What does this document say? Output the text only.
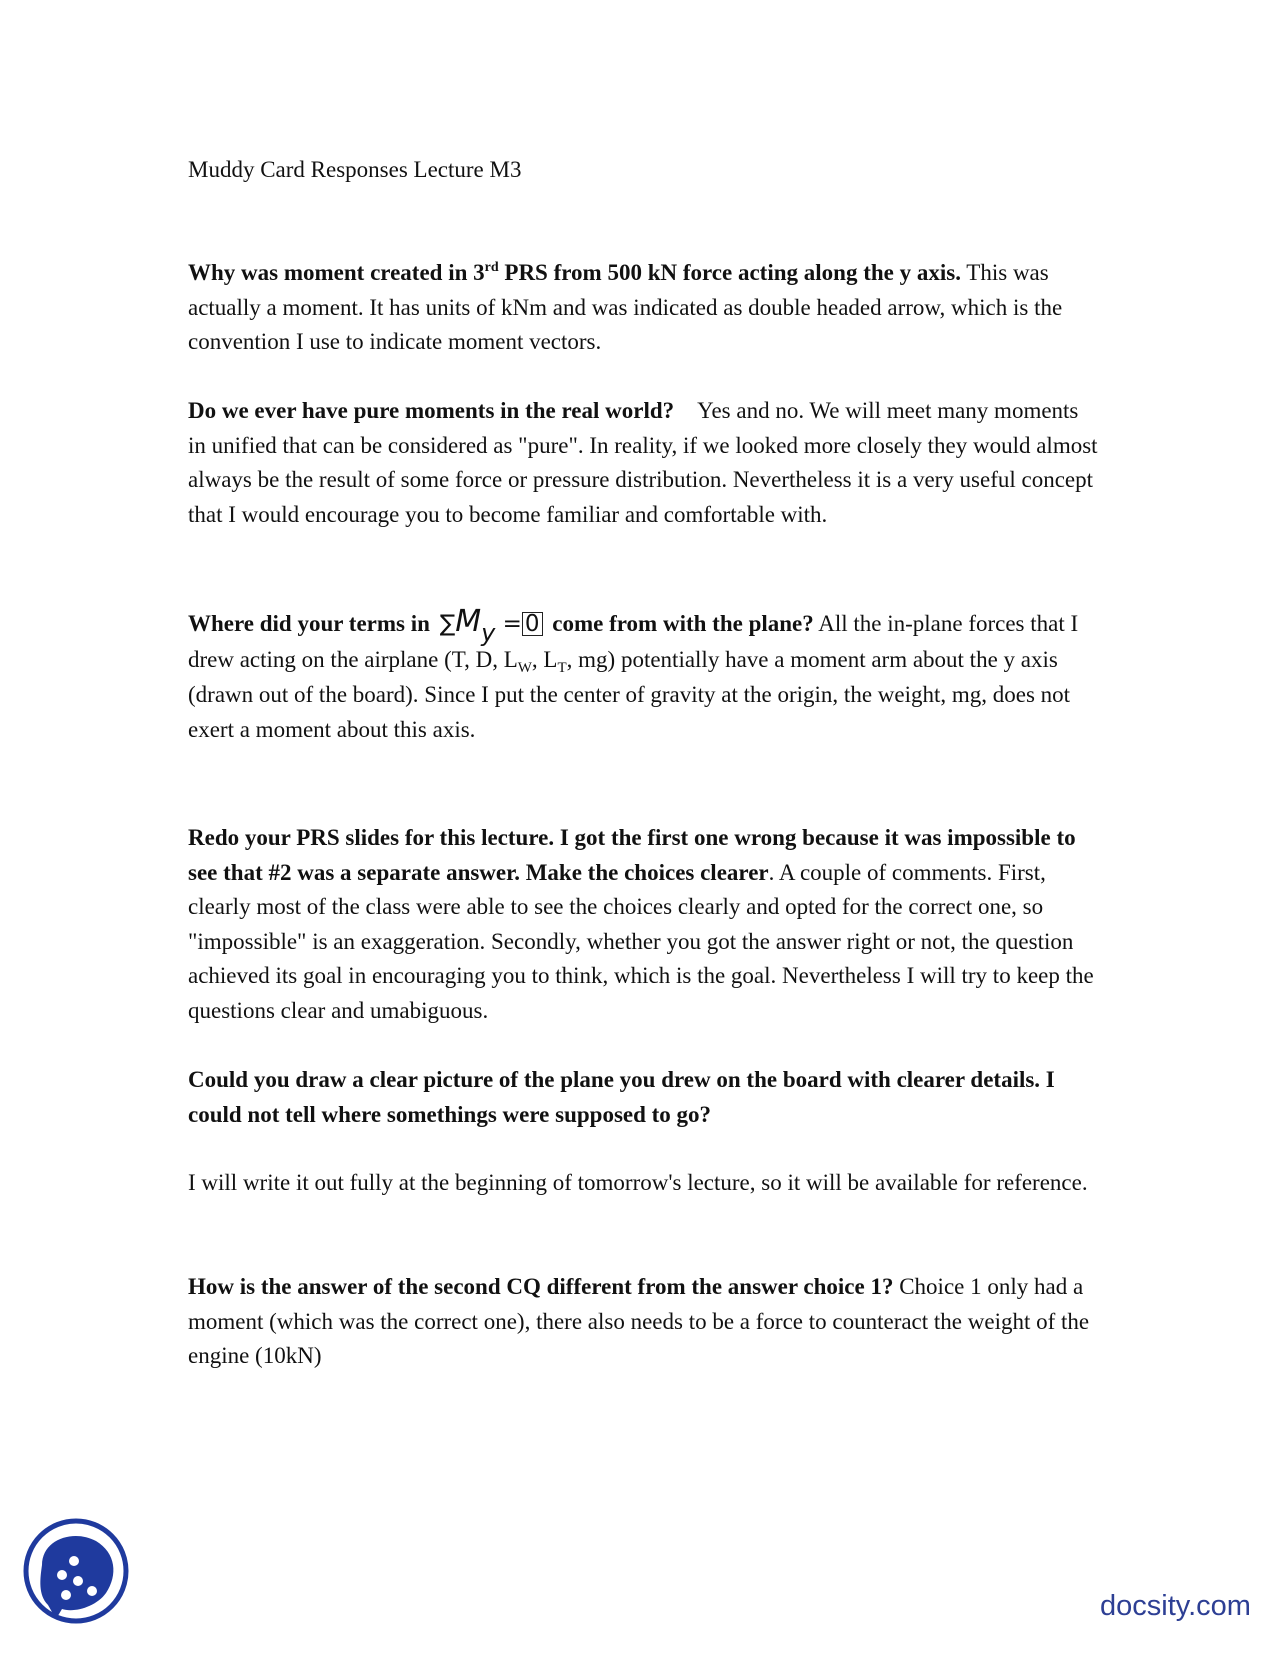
Muddy Card Responses Lecture M3

Why was moment created in 3rd PRS from 500 kN force acting along the y axis. This was actually a moment. It has units of kNm and was indicated as double headed arrow, which is the convention I use to indicate moment vectors.

Do we ever have pure moments in the real world? Yes and no. We will meet many moments in unified that can be considered as "pure". In reality, if we looked more closely they would almost always be the result of some force or pressure distribution. Nevertheless it is a very useful concept that I would encourage you to become familiar and comfortable with.

Where did your terms in ∑My = 0 come from with the plane? All the in-plane forces that I drew acting on the airplane (T, D, $L_W$, $L_T$, mg) potentially have a moment arm about the y axis (drawn out of the board). Since I put the center of gravity at the origin, the weight, mg, does not exert a moment about this axis.

Redo your PRS slides for this lecture. I got the first one wrong because it was impossible to see that #2 was a separate answer. Make the choices clearer. A couple of comments. First, clearly most of the class were able to see the choices clearly and opted for the correct one, so "impossible" is an exaggeration. Secondly, whether you got the answer right or not, the question achieved its goal in encouraging you to think, which is the goal. Nevertheless I will try to keep the questions clear and umabiguous.

Could you draw a clear picture of the plane you drew on the board with clearer details. I could not tell where somethings were supposed to go?

I will write it out fully at the beginning of tomorrow's lecture, so it will be available for reference.

How is the answer of the second CQ different from the answer choice 1? Choice 1 only had a moment (which was the correct one), there also needs to be a force to counteract the weight of the engine (10kN)

docsity.com
